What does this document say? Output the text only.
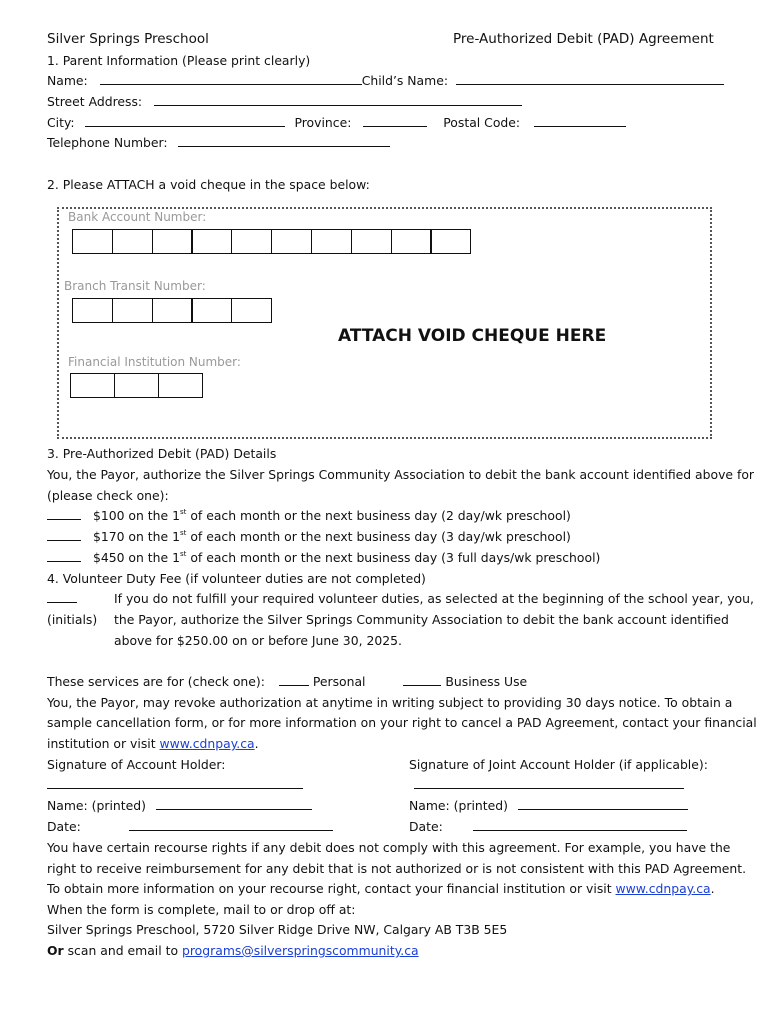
Silver Springs Preschool	Pre-Authorized Debit (PAD) Agreement
1. Parent Information (Please print clearly)
Name:	Child’s Name:
Street Address:
City:	Province:	Postal Code:
Telephone Number:
2. Please ATTACH a void cheque in the space below:
Bank Account Number:
Branch Transit Number:
ATTACH VOID CHEQUE HERE
Financial Institution Number:
3. Pre-Authorized Debit (PAD) Details
You, the Payor, authorize the Silver Springs Community Association to debit the bank account identified above for
(please check one):
$100 on the 1st of each month or the next business day (2 day/wk preschool)
$170 on the 1st of each month or the next business day (3 day/wk preschool)
$450 on the 1st of each month or the next business day (3 full days/wk preschool)
4. Volunteer Duty Fee (if volunteer duties are not completed)
If you do not fulfill your required volunteer duties, as selected at the beginning of the school year, you,
(initials) the Payor, authorize the Silver Springs Community Association to debit the bank account identified
above for $250.00 on or before June 30, 2025.
These services are for (check one):	Personal	Business Use
You, the Payor, may revoke authorization at anytime in writing subject to providing 30 days notice. To obtain a
sample cancellation form, or for more information on your right to cancel a PAD Agreement, contact your financial
institution or visit www.cdnpay.ca.
Signature of Account Holder:	Signature of Joint Account Holder (if applicable):
Name: (printed)	Name: (printed)
Date:	Date:
You have certain recourse rights if any debit does not comply with this agreement. For example, you have the
right to receive reimbursement for any debit that is not authorized or is not consistent with this PAD Agreement.
To obtain more information on your recourse right, contact your financial institution or visit www.cdnpay.ca.
When the form is complete, mail to or drop off at:
Silver Springs Preschool, 5720 Silver Ridge Drive NW, Calgary AB T3B 5E5
Or scan and email to programs@silverspringscommunity.ca
